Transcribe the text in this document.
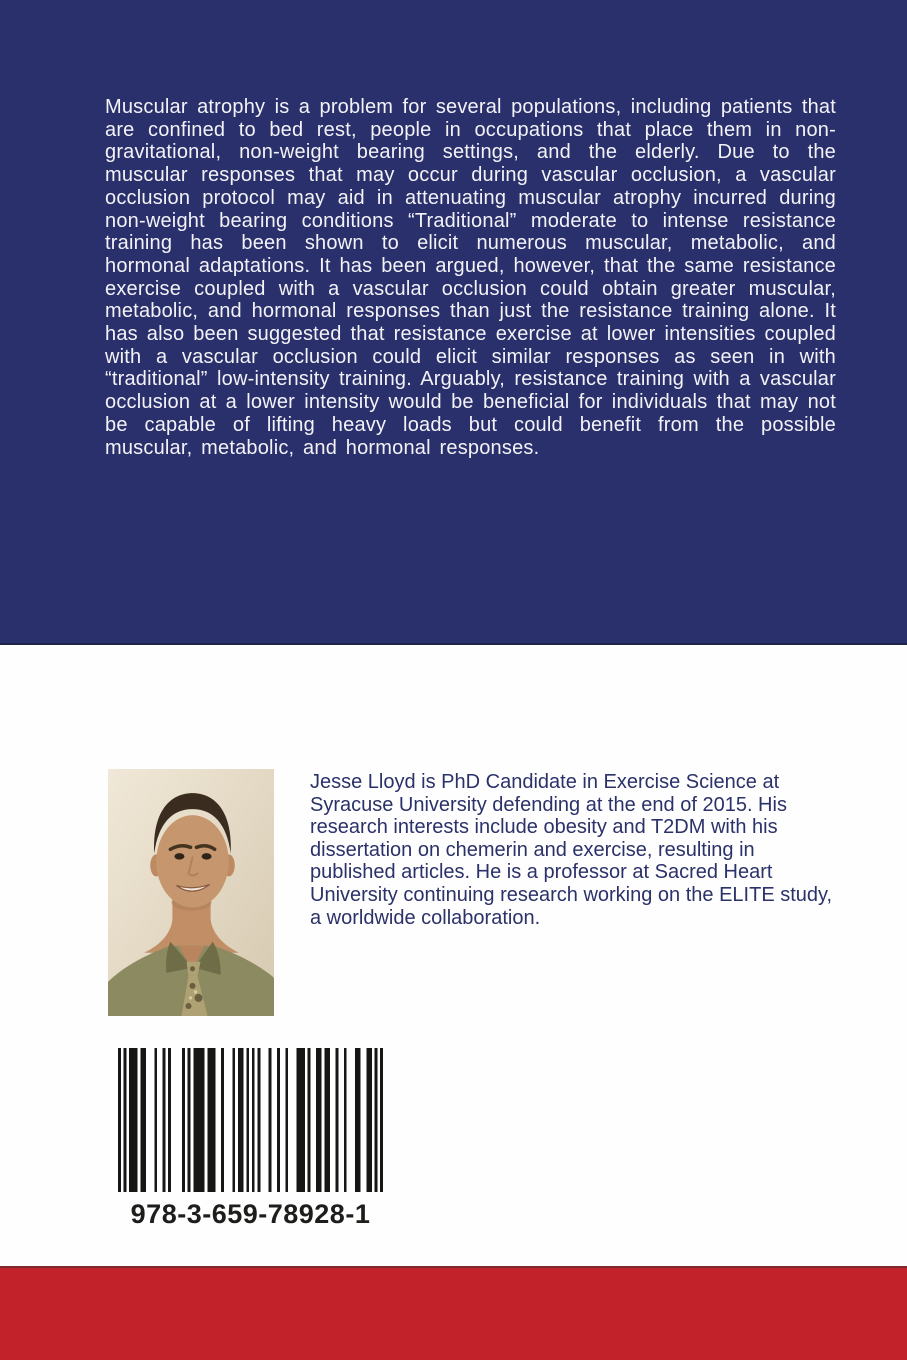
Muscular atrophy is a problem for several populations, including patients that are confined to bed rest, people in occupations that place them in non-gravitational, non-weight bearing settings, and the elderly. Due to the muscular responses that may occur during vascular occlusion, a vascular occlusion protocol may aid in attenuating muscular atrophy incurred during non-weight bearing conditions “Traditional” moderate to intense resistance training has been shown to elicit numerous muscular, metabolic, and hormonal adaptations. It has been argued, however, that the same resistance exercise coupled with a vascular occlusion could obtain greater muscular, metabolic, and hormonal responses than just the resistance training alone. It has also been suggested that resistance exercise at lower intensities coupled with a vascular occlusion could elicit similar responses as seen in with “traditional” low-intensity training. Arguably, resistance training with a vascular occlusion at a lower intensity would be beneficial for individuals that may not be capable of lifting heavy loads but could benefit from the possible muscular, metabolic, and hormonal responses.

Jesse Lloyd is PhD Candidate in Exercise Science at Syracuse University defending at the end of 2015. His research interests include obesity and T2DM with his dissertation on chemerin and exercise, resulting in published articles. He is a professor at Sacred Heart University continuing research working on the ELITE study, a worldwide collaboration.

978-3-659-78928-1
